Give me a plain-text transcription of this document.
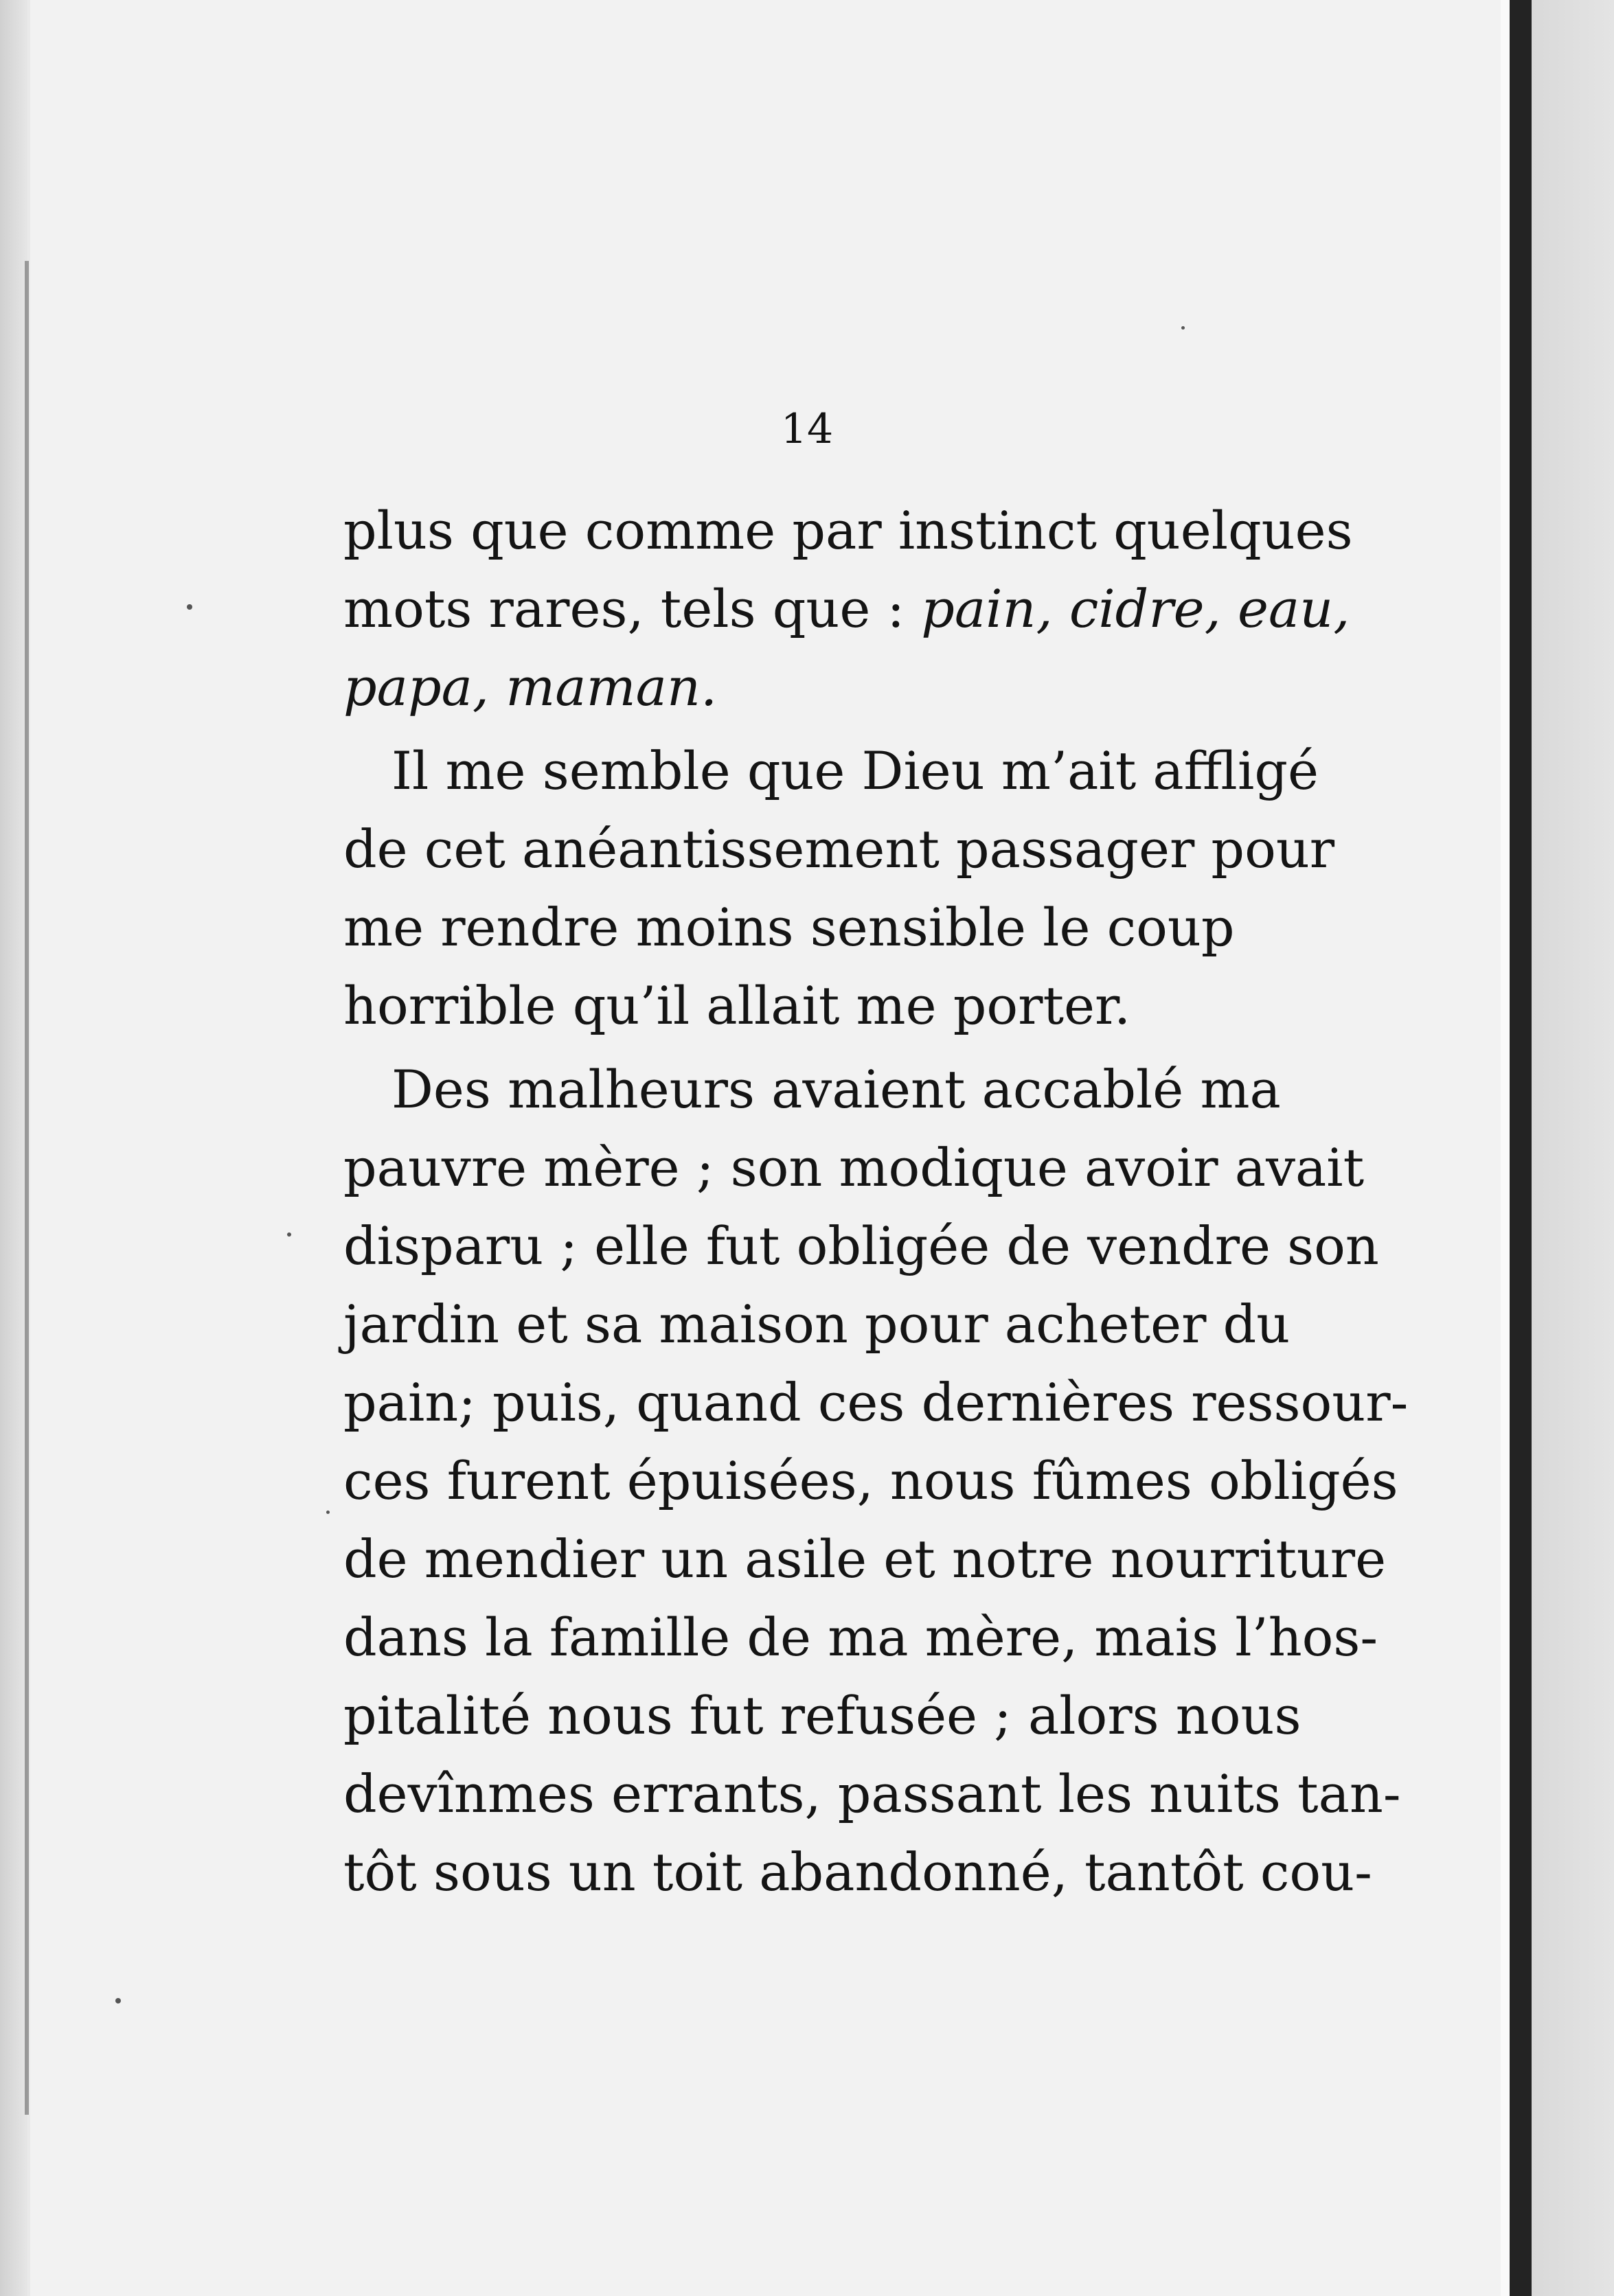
14
plus que comme par instinct quelques
mots rares, tels que : pain, cidre, eau,
papa, maman.
Il me semble que Dieu m’ait affligé
de cet anéantissement passager pour
me rendre moins sensible le coup
horrible qu’il allait me porter.
Des malheurs avaient accablé ma
pauvre mère ; son modique avoir avait
disparu ; elle fut obligée de vendre son
jardin et sa maison pour acheter du
pain; puis, quand ces dernières ressour-
ces furent épuisées, nous fûmes obligés
de mendier un asile et notre nourriture
dans la famille de ma mère, mais l’hos-
pitalité nous fut refusée ; alors nous
devînmes errants, passant les nuits tan-
tôt sous un toit abandonné, tantôt cou-
